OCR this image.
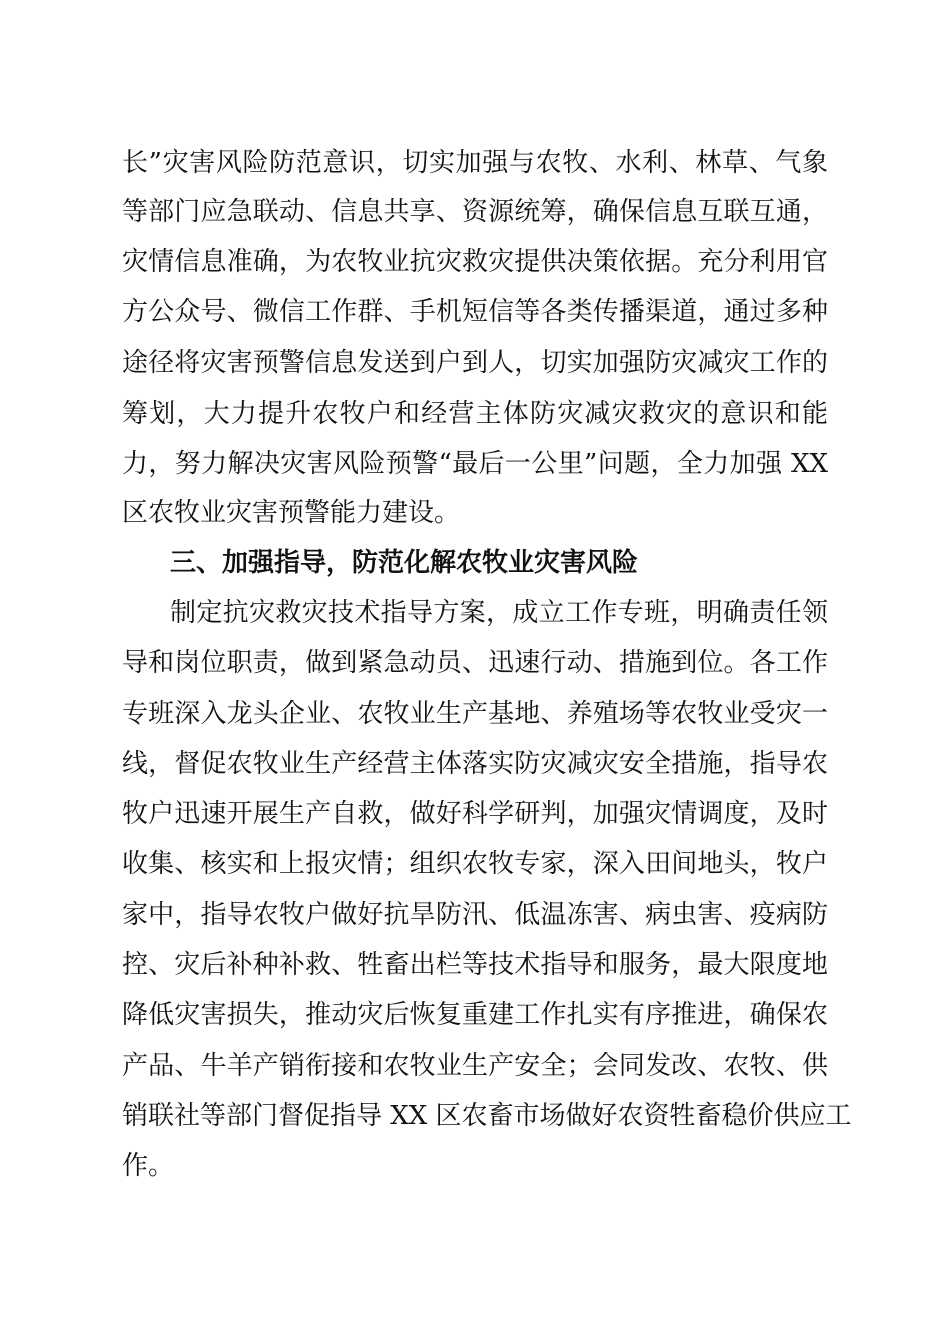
长”灾害风险防范意识，切实加强与农牧、水利、林草、气象
等部门应急联动、信息共享、资源统筹，确保信息互联互通，
灾情信息准确，为农牧业抗灾救灾提供决策依据。充分利用官
方公众号、微信工作群、手机短信等各类传播渠道，通过多种
途径将灾害预警信息发送到户到人，切实加强防灾减灾工作的
筹划，大力提升农牧户和经营主体防灾减灾救灾的意识和能
力，努力解决灾害风险预警“最后一公里”问题，全力加强 XX
区农牧业灾害预警能力建设。
三、加强指导，防范化解农牧业灾害风险
制定抗灾救灾技术指导方案，成立工作专班，明确责任领
导和岗位职责，做到紧急动员、迅速行动、措施到位。各工作
专班深入龙头企业、农牧业生产基地、养殖场等农牧业受灾一
线，督促农牧业生产经营主体落实防灾减灾安全措施，指导农
牧户迅速开展生产自救，做好科学研判，加强灾情调度，及时
收集、核实和上报灾情；组织农牧专家，深入田间地头，牧户
家中，指导农牧户做好抗旱防汛、低温冻害、病虫害、疫病防
控、灾后补种补救、牲畜出栏等技术指导和服务，最大限度地
降低灾害损失，推动灾后恢复重建工作扎实有序推进，确保农
产品、牛羊产销衔接和农牧业生产安全；会同发改、农牧、供
销联社等部门督促指导 XX 区农畜市场做好农资牲畜稳价供应工
作。
